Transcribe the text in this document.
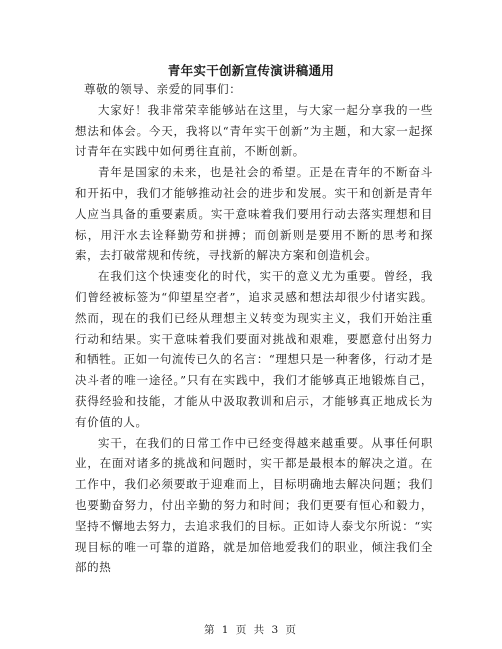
青年实干创新宣传演讲稿通用

尊敬的领导、亲爱的同事们：

大家好！我非常荣幸能够站在这里，与大家一起分享我的一些想法和体会。今天，我将以“青年实干创新”为主题，和大家一起探讨青年在实践中如何勇往直前，不断创新。

青年是国家的未来，也是社会的希望。正是在青年的不断奋斗和开拓中，我们才能够推动社会的进步和发展。实干和创新是青年人应当具备的重要素质。实干意味着我们要用行动去落实理想和目标，用汗水去诠释勤劳和拼搏；而创新则是要用不断的思考和探索，去打破常规和传统，寻找新的解决方案和创造机会。

在我们这个快速变化的时代，实干的意义尤为重要。曾经，我们曾经被标签为“仰望星空者”，追求灵感和想法却很少付诸实践。然而，现在的我们已经从理想主义转变为现实主义，我们开始注重行动和结果。实干意味着我们要面对挑战和艰难，要愿意付出努力和牺牲。正如一句流传已久的名言：“理想只是一种奢侈，行动才是决斗者的唯一途径。”只有在实践中，我们才能够真正地锻炼自己，获得经验和技能，才能从中汲取教训和启示，才能够真正地成长为有价值的人。

实干，在我们的日常工作中已经变得越来越重要。从事任何职业，在面对诸多的挑战和问题时，实干都是最根本的解决之道。在工作中，我们必须要敢于迎难而上，目标明确地去解决问题；我们也要勤奋努力，付出辛勤的努力和时间；我们更要有恒心和毅力，坚持不懈地去努力，去追求我们的目标。正如诗人泰戈尔所说：“实现目标的唯一可靠的道路，就是加倍地爱我们的职业，倾注我们全部的热

第 1 页 共 3 页
